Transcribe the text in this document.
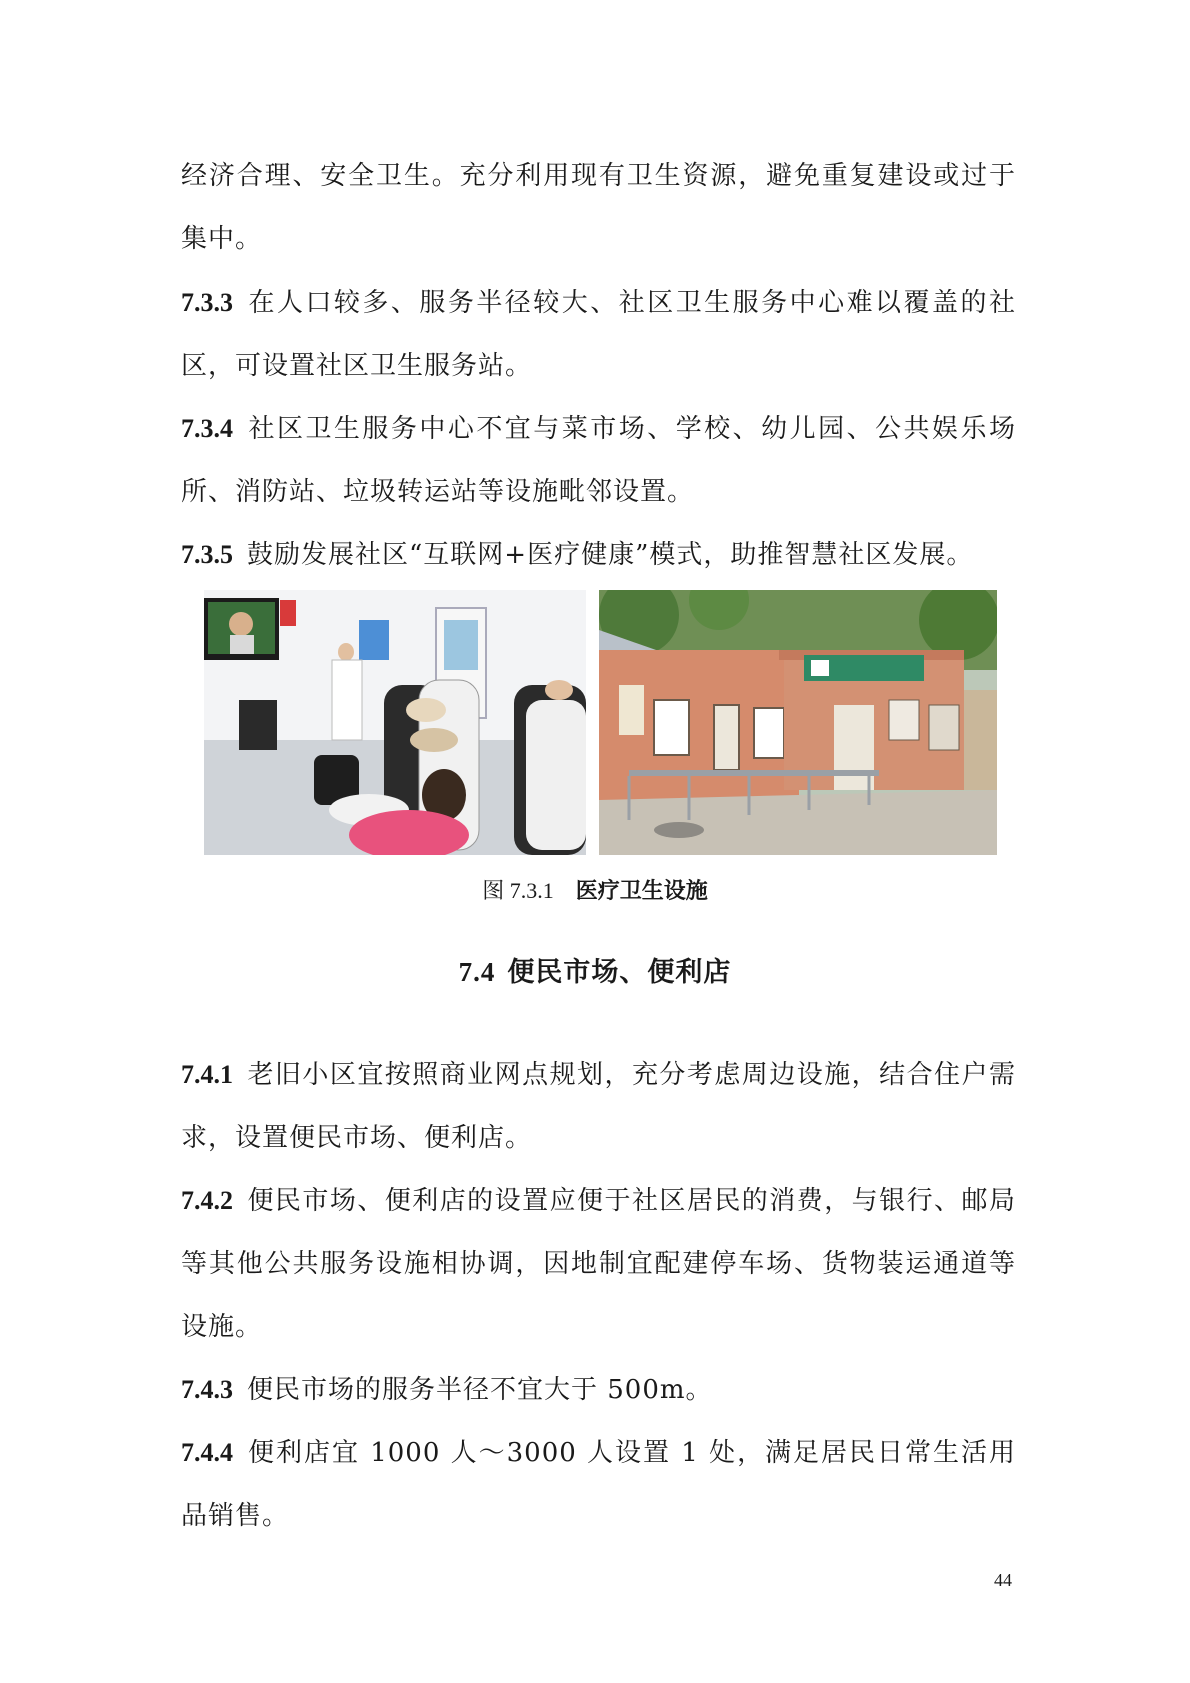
经济合理、安全卫生。充分利用现有卫生资源，避免重复建设或过于集中。

7.3.3 在人口较多、服务半径较大、社区卫生服务中心难以覆盖的社区，可设置社区卫生服务站。

7.3.4 社区卫生服务中心不宜与菜市场、学校、幼儿园、公共娱乐场所、消防站、垃圾转运站等设施毗邻设置。

7.3.5 鼓励发展社区“互联网+医疗健康”模式，助推智慧社区发展。

图 7.3.1 医疗卫生设施

7.4 便民市场、便利店

7.4.1 老旧小区宜按照商业网点规划，充分考虑周边设施，结合住户需求，设置便民市场、便利店。

7.4.2 便民市场、便利店的设置应便于社区居民的消费，与银行、邮局等其他公共服务设施相协调，因地制宜配建停车场、货物装运通道等设施。

7.4.3 便民市场的服务半径不宜大于 500m。

7.4.4 便利店宜 1000 人～3000 人设置 1 处，满足居民日常生活用品销售。

44
